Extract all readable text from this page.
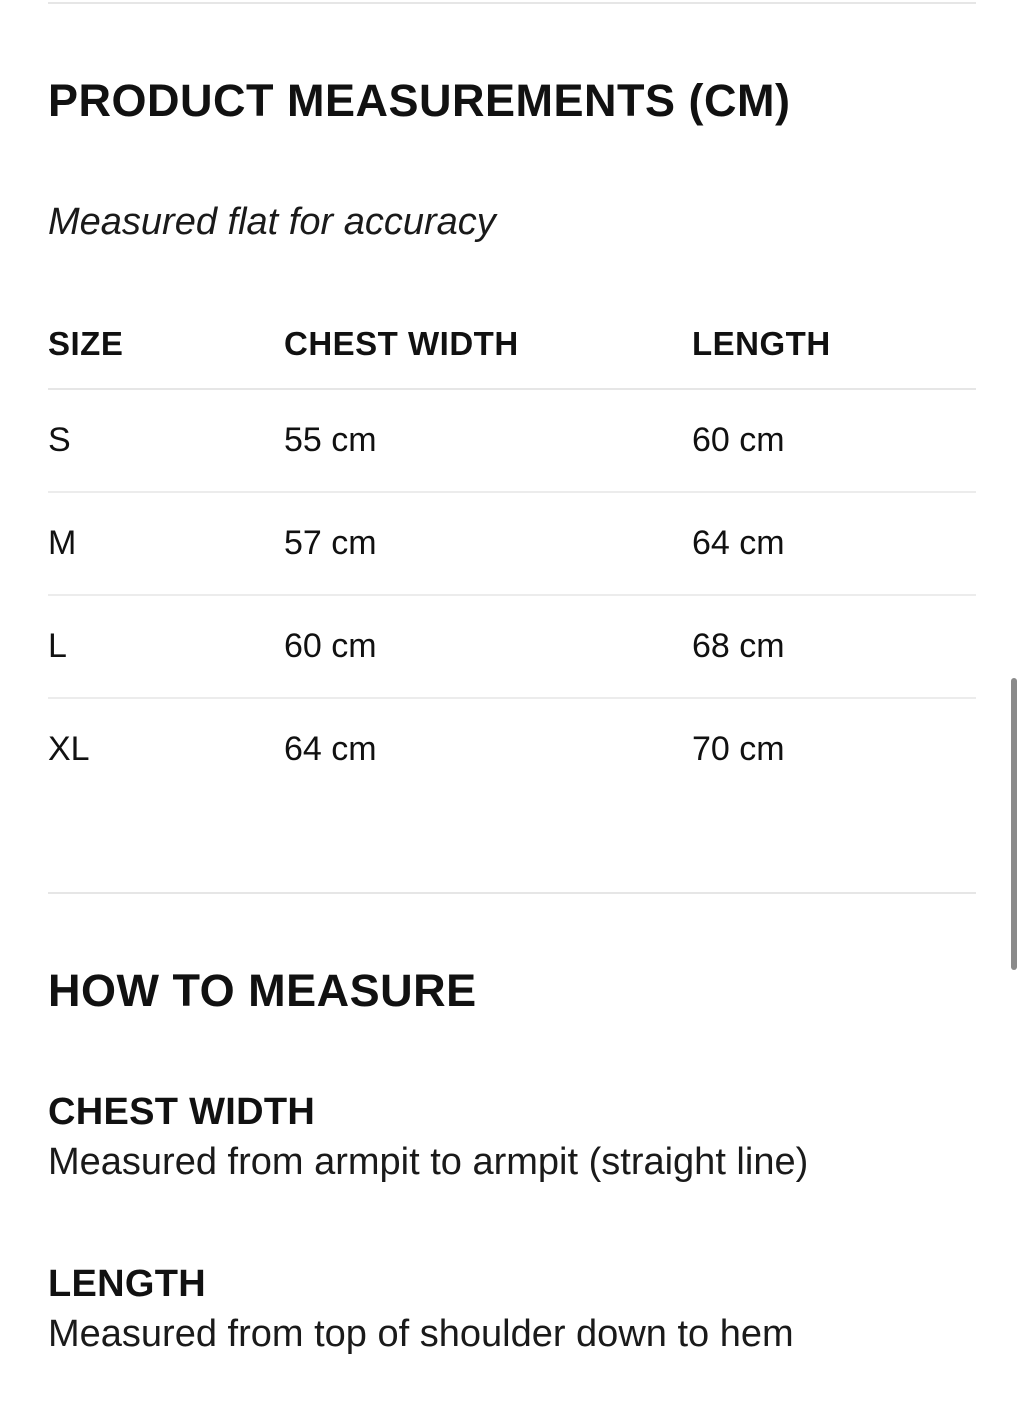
PRODUCT MEASUREMENTS (CM)

Measured flat for accuracy

SIZE	CHEST WIDTH	LENGTH
S	55 cm	60 cm
M	57 cm	64 cm
L	60 cm	68 cm
XL	64 cm	70 cm
HOW TO MEASURE

CHEST WIDTH

Measured from armpit to armpit (straight line)

LENGTH

Measured from top of shoulder down to hem
